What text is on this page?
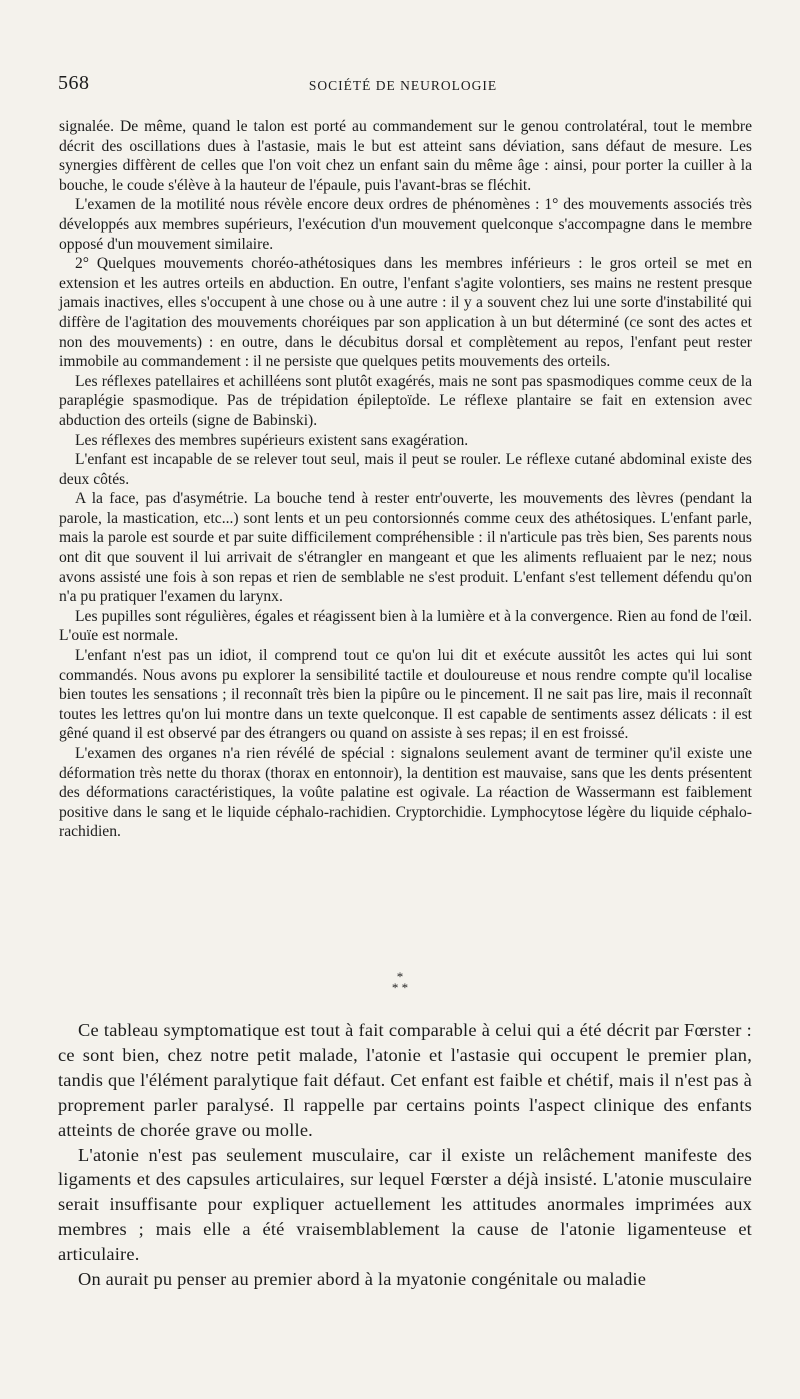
568	SOCIÉTÉ DE NEUROLOGIE

signalée. De même, quand le talon est porté au commandement sur le genou controlatéral, tout le membre décrit des oscillations dues à l'astasie, mais le but est atteint sans déviation, sans défaut de mesure. Les synergies diffèrent de celles que l'on voit chez un enfant sain du même âge : ainsi, pour porter la cuiller à la bouche, le coude s'élève à la hauteur de l'épaule, puis l'avant-bras se fléchit.

L'examen de la motilité nous révèle encore deux ordres de phénomènes : 1° des mouvements associés très développés aux membres supérieurs, l'exécution d'un mouvement quelconque s'accompagne dans le membre opposé d'un mouvement similaire.

2° Quelques mouvements choréo-athétosiques dans les membres inférieurs : le gros orteil se met en extension et les autres orteils en abduction. En outre, l'enfant s'agite volontiers, ses mains ne restent presque jamais inactives, elles s'occupent à une chose ou à une autre : il y a souvent chez lui une sorte d'instabilité qui diffère de l'agitation des mouvements choréiques par son application à un but déterminé (ce sont des actes et non des mouvements) : en outre, dans le décubitus dorsal et complètement au repos, l'enfant peut rester immobile au commandement : il ne persiste que quelques petits mouvements des orteils.

Les réflexes patellaires et achilléens sont plutôt exagérés, mais ne sont pas spasmodiques comme ceux de la paraplégie spasmodique. Pas de trépidation épileptoïde. Le réflexe plantaire se fait en extension avec abduction des orteils (signe de Babinski).

Les réflexes des membres supérieurs existent sans exagération.

L'enfant est incapable de se relever tout seul, mais il peut se rouler. Le réflexe cutané abdominal existe des deux côtés.

A la face, pas d'asymétrie. La bouche tend à rester entr'ouverte, les mouvements des lèvres (pendant la parole, la mastication, etc...) sont lents et un peu contorsionnés comme ceux des athétosiques. L'enfant parle, mais la parole est sourde et par suite difficilement compréhensible : il n'articule pas très bien, Ses parents nous ont dit que souvent il lui arrivait de s'étrangler en mangeant et que les aliments refluaient par le nez; nous avons assisté une fois à son repas et rien de semblable ne s'est produit. L'enfant s'est tellement défendu qu'on n'a pu pratiquer l'examen du larynx.

Les pupilles sont régulières, égales et réagissent bien à la lumière et à la convergence. Rien au fond de l'œil. L'ouïe est normale.

L'enfant n'est pas un idiot, il comprend tout ce qu'on lui dit et exécute aussitôt les actes qui lui sont commandés. Nous avons pu explorer la sensibilité tactile et douloureuse et nous rendre compte qu'il localise bien toutes les sensations ; il reconnaît très bien la pipûre ou le pincement. Il ne sait pas lire, mais il reconnaît toutes les lettres qu'on lui montre dans un texte quelconque. Il est capable de sentiments assez délicats : il est gêné quand il est observé par des étrangers ou quand on assiste à ses repas; il en est froissé.

L'examen des organes n'a rien révélé de spécial : signalons seulement avant de terminer qu'il existe une déformation très nette du thorax (thorax en entonnoir), la dentition est mauvaise, sans que les dents présentent des déformations caractéristiques, la voûte palatine est ogivale. La réaction de Wassermann est faiblement positive dans le sang et le liquide céphalo-rachidien. Cryptorchidie. Lymphocytose légère du liquide céphalo-rachidien.

*
* *

Ce tableau symptomatique est tout à fait comparable à celui qui a été décrit par Fœrster : ce sont bien, chez notre petit malade, l'atonie et l'astasie qui occupent le premier plan, tandis que l'élément paralytique fait défaut. Cet enfant est faible et chétif, mais il n'est pas à proprement parler paralysé. Il rappelle par certains points l'aspect clinique des enfants atteints de chorée grave ou molle.

L'atonie n'est pas seulement musculaire, car il existe un relâchement manifeste des ligaments et des capsules articulaires, sur lequel Fœrster a déjà insisté. L'atonie musculaire serait insuffisante pour expliquer actuellement les attitudes anormales imprimées aux membres ; mais elle a été vraisemblablement la cause de l'atonie ligamenteuse et articulaire.

On aurait pu penser au premier abord à la myatonie congénitale ou maladie
